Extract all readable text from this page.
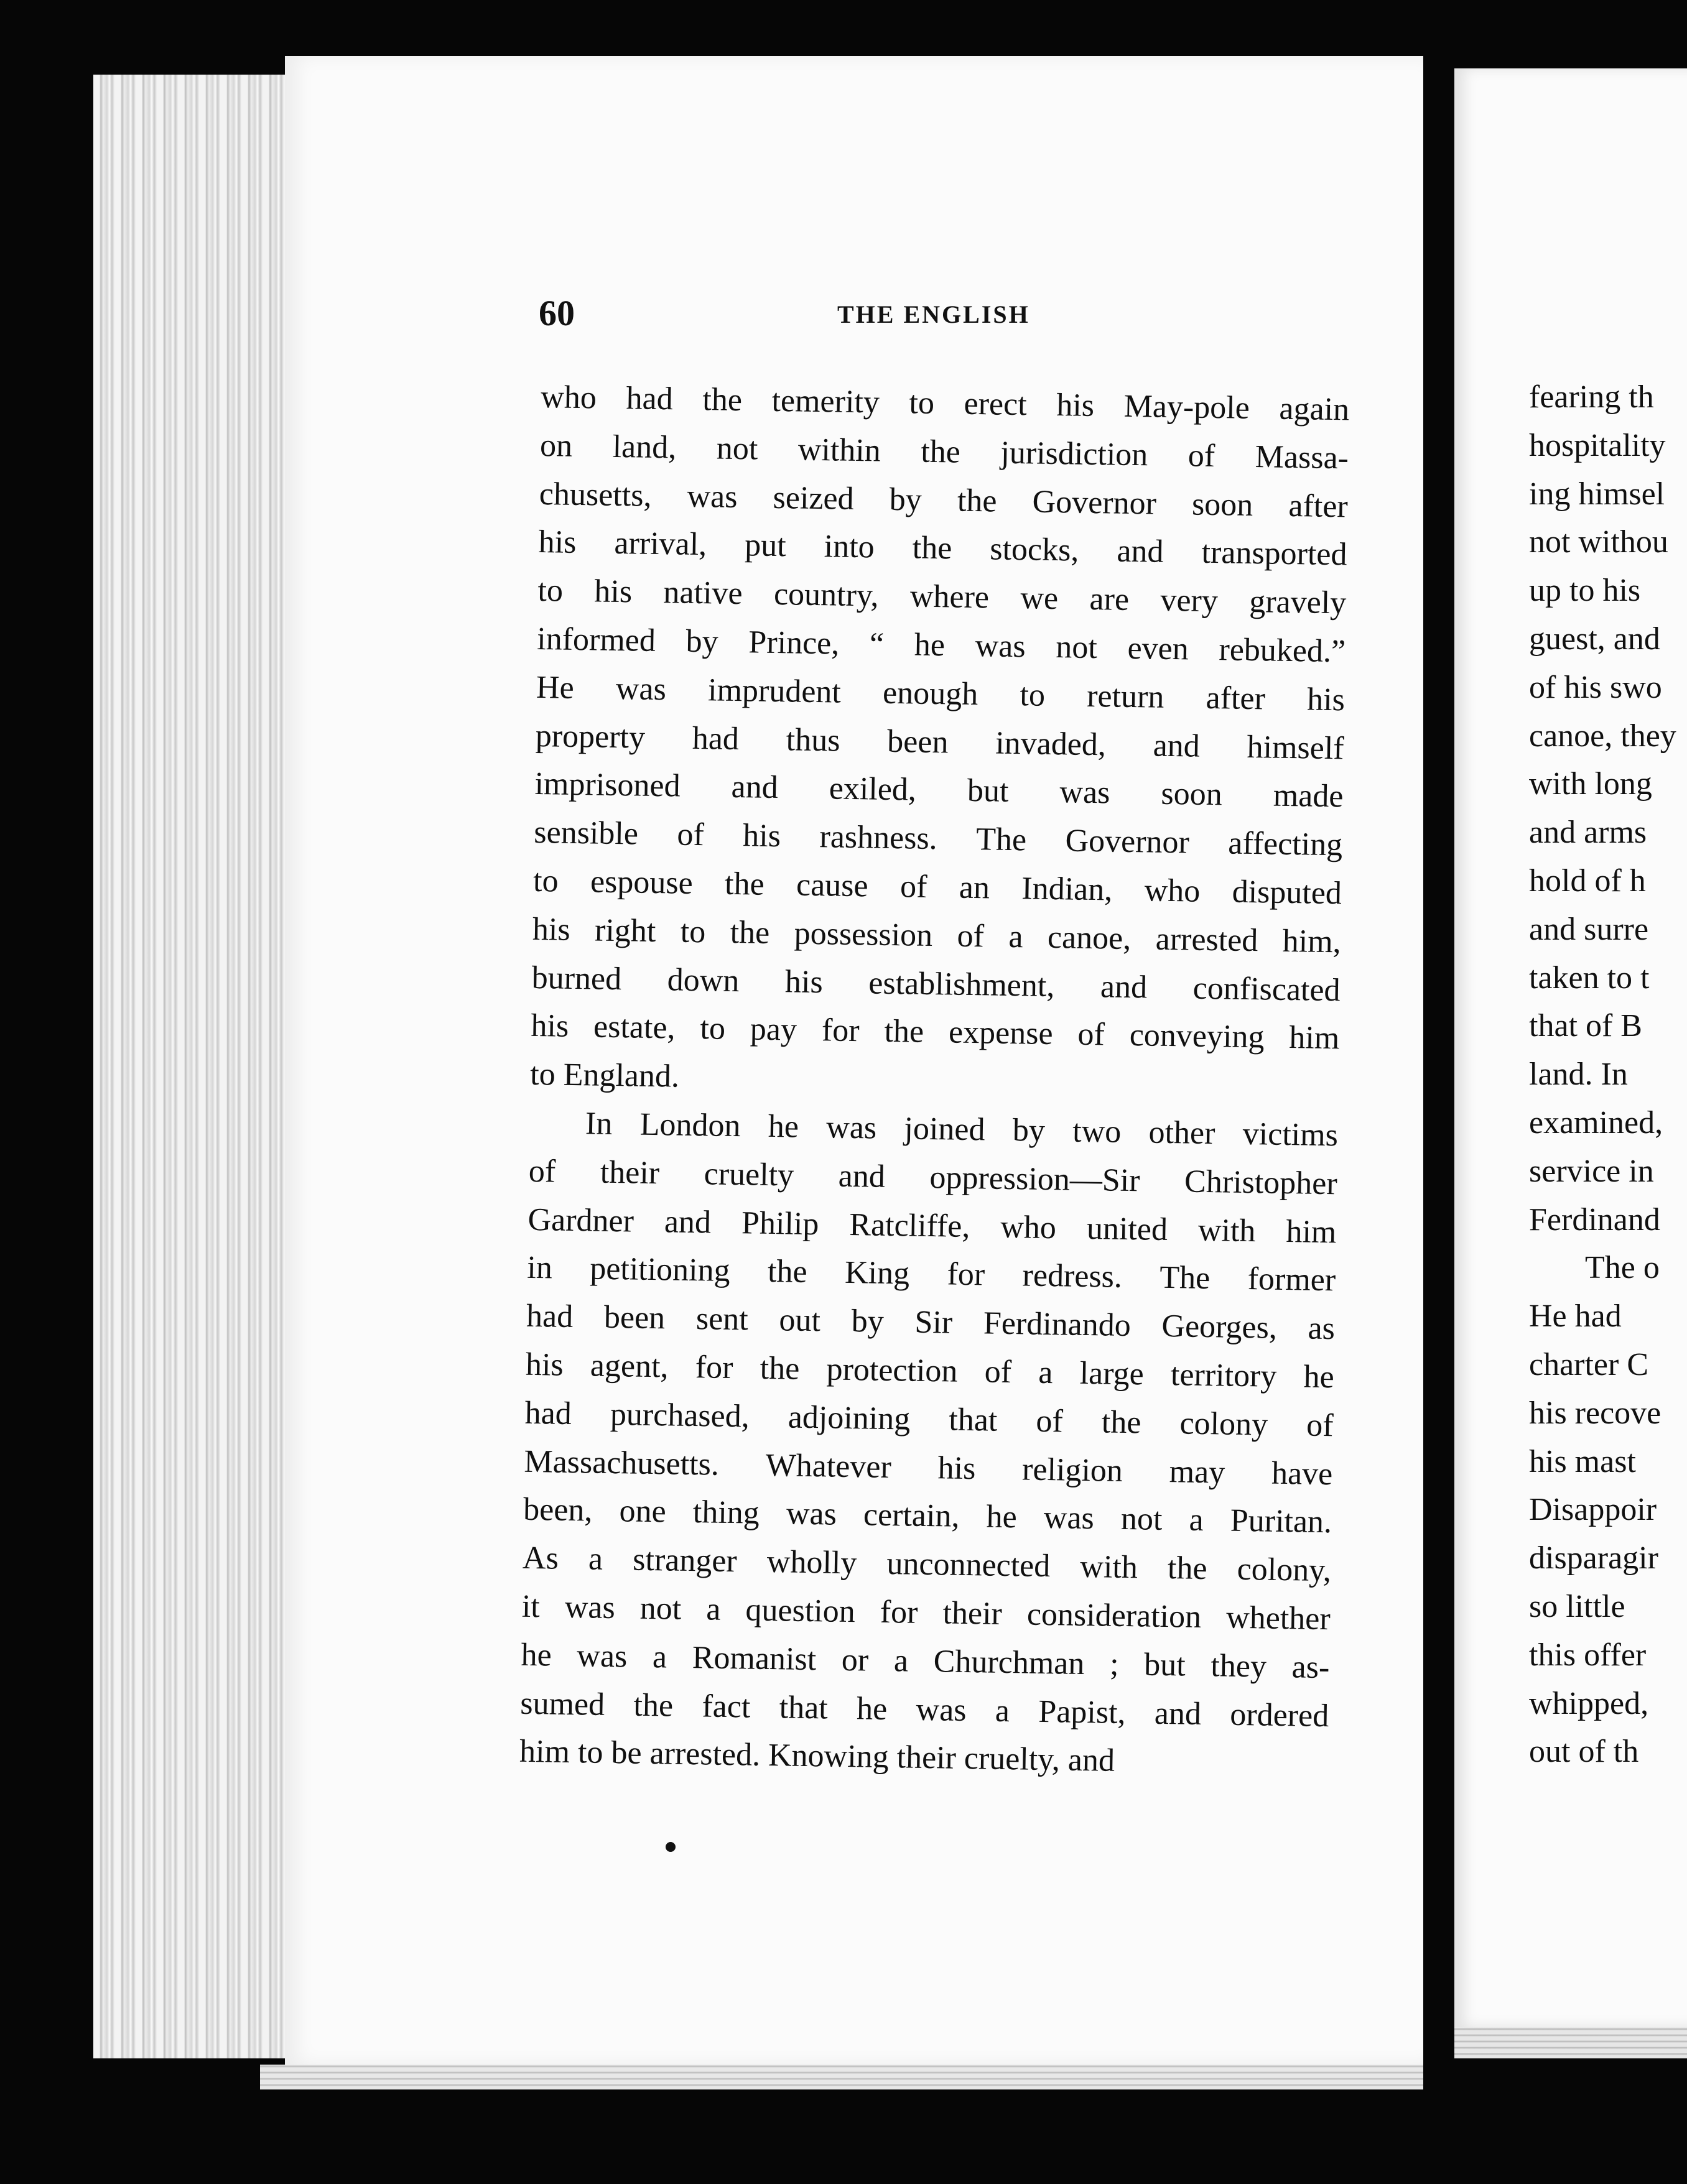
60	THE ENGLISH
who had the temerity to erect his May-pole again
on land, not within the jurisdiction of Massa-
chusetts, was seized by the Governor soon after
his arrival, put into the stocks, and transported
to his native country, where we are very gravely
informed by Prince, “ he was not even rebuked.”
He was imprudent enough to return after his
property had thus been invaded, and himself
imprisoned and exiled, but was soon made
sensible of his rashness. The Governor affecting
to espouse the cause of an Indian, who disputed
his right to the possession of a canoe, arrested him,
burned down his establishment, and confiscated
his estate, to pay for the expense of conveying him
to England.
In London he was joined by two other victims
of their cruelty and oppression—Sir Christopher
Gardner and Philip Ratcliffe, who united with him
in petitioning the King for redress. The former
had been sent out by Sir Ferdinando Georges, as
his agent, for the protection of a large territory he
had purchased, adjoining that of the colony of
Massachusetts. Whatever his religion may have
been, one thing was certain, he was not a Puritan.
As a stranger wholly unconnected with the colony,
it was not a question for their consideration whether
he was a Romanist or a Churchman ; but they as-
sumed the fact that he was a Papist, and ordered
him to be arrested. Knowing their cruelty, and
fearing th
hospitality
ing himsel
not withou
up to his
guest, and
of his swo
canoe, they
with long
and arms
hold of h
and surre
taken to t
that of B
land. In
examined,
service in
Ferdinand
The o
He had
charter C
his recove
his mast
Disappoir
disparagir
so little
this offer
whipped,
out of th
